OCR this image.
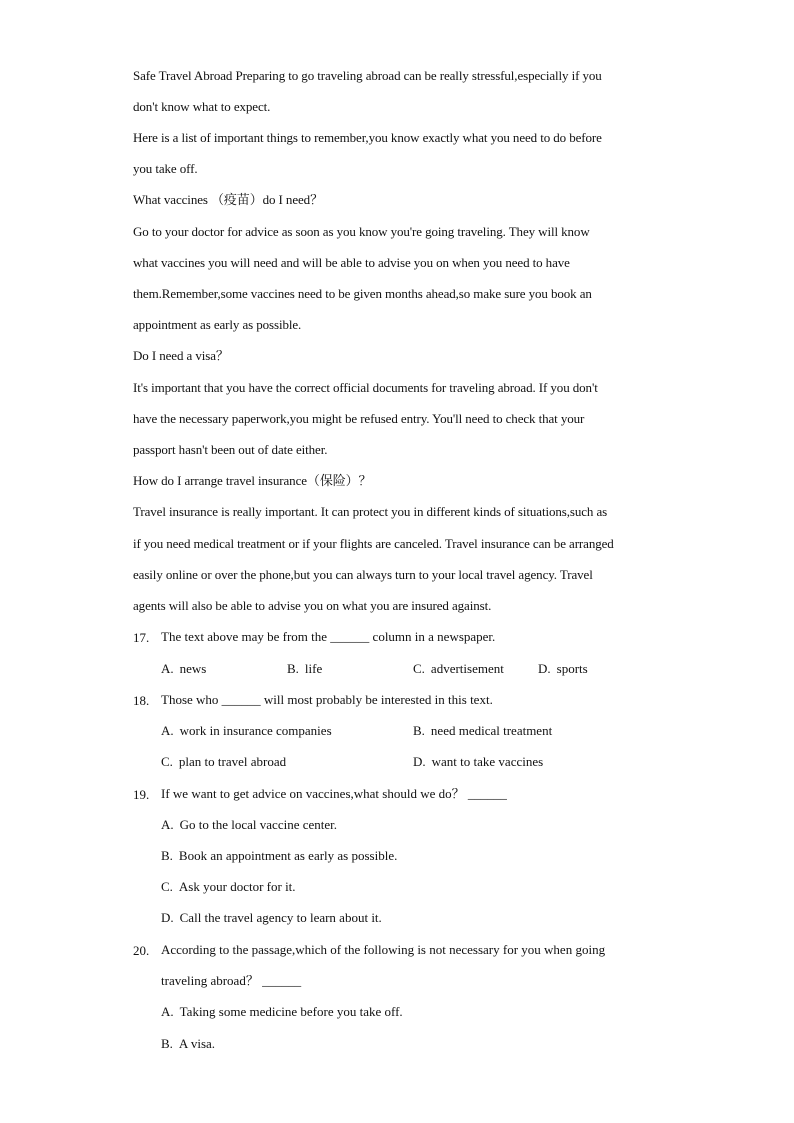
Safe Travel Abroad Preparing to go traveling abroad can be really stressful,especially if you
don't know what to expect.
Here is a list of important things to remember,you know exactly what you need to do before
you take off.
What vaccines （疫苗）do I need？
Go to your doctor for advice as soon as you know you're going traveling. They will know
what vaccines you will need and will be able to advise you on when you need to have
them.Remember,some vaccines need to be given months ahead,so make sure you book an
appointment as early as possible.
Do I need a visa？
It's important that you have the correct official documents for traveling abroad. If you don't
have the necessary paperwork,you might be refused entry. You'll need to check that your
passport hasn't been out of date either.
How do I arrange travel insurance（保险）？
Travel insurance is really important. It can protect you in different kinds of situations,such as
if you need medical treatment or if your flights are canceled. Travel insurance can be arranged
easily online or over the phone,but you can always turn to your local travel agency. Travel
agents will also be able to advise you on what you are insured against.
17. The text above may be from the ______ column in a newspaper.
A. news	B. life	C. advertisement	D. sports
18. Those who ______ will most probably be interested in this text.
A. work in insurance companies	B. need medical treatment
C. plan to travel abroad	D. want to take vaccines
19. If we want to get advice on vaccines,what should we do？ ______
A. Go to the local vaccine center.
B. Book an appointment as early as possible.
C. Ask your doctor for it.
D. Call the travel agency to learn about it.
20. According to the passage,which of the following is not necessary for you when going
traveling abroad？ ______
A. Taking some medicine before you take off.
B. A visa.
